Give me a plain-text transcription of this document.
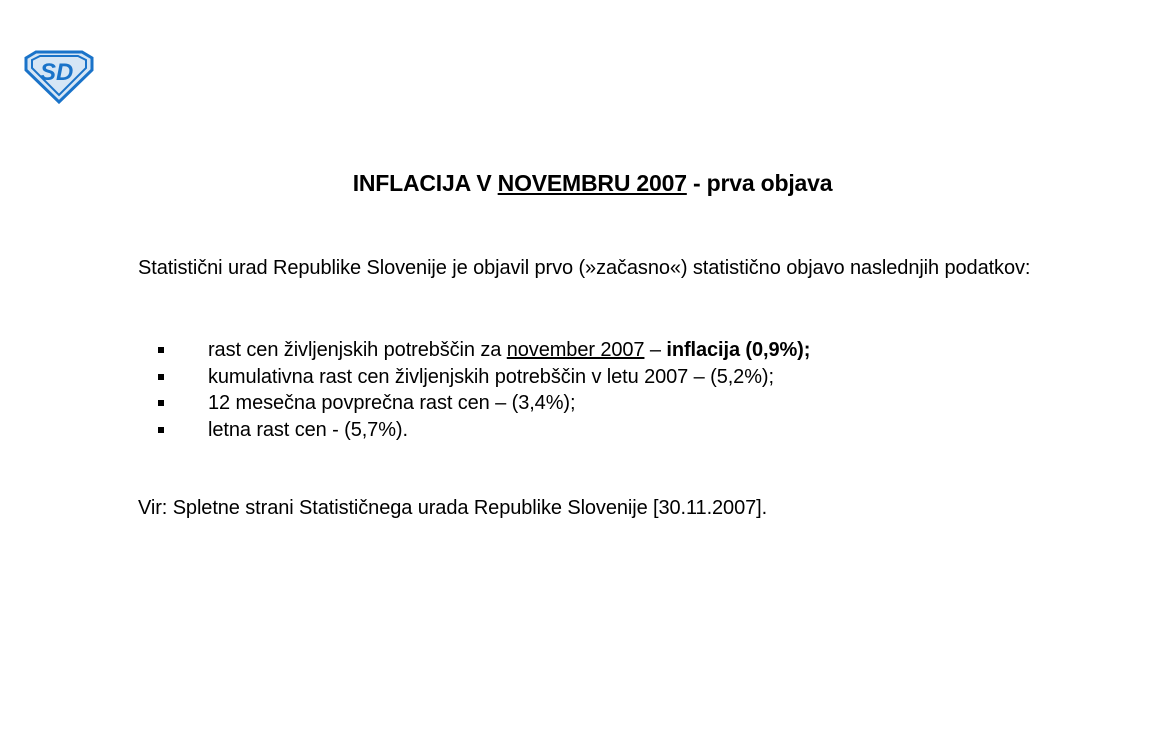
S D
INFLACIJA V NOVEMBRU 2007 - prva objava
Statistični urad Republike Slovenije je objavil prvo (»začasno«) statistično objavo naslednjih podatkov:
rast cen življenjskih potrebščin za november 2007 – inflacija (0,9%);
kumulativna rast cen življenjskih potrebščin v letu 2007 – (5,2%);
12 mesečna povprečna rast cen – (3,4%);
letna rast cen - (5,7%).
Vir: Spletne strani Statističnega urada Republike Slovenije [30.11.2007].
